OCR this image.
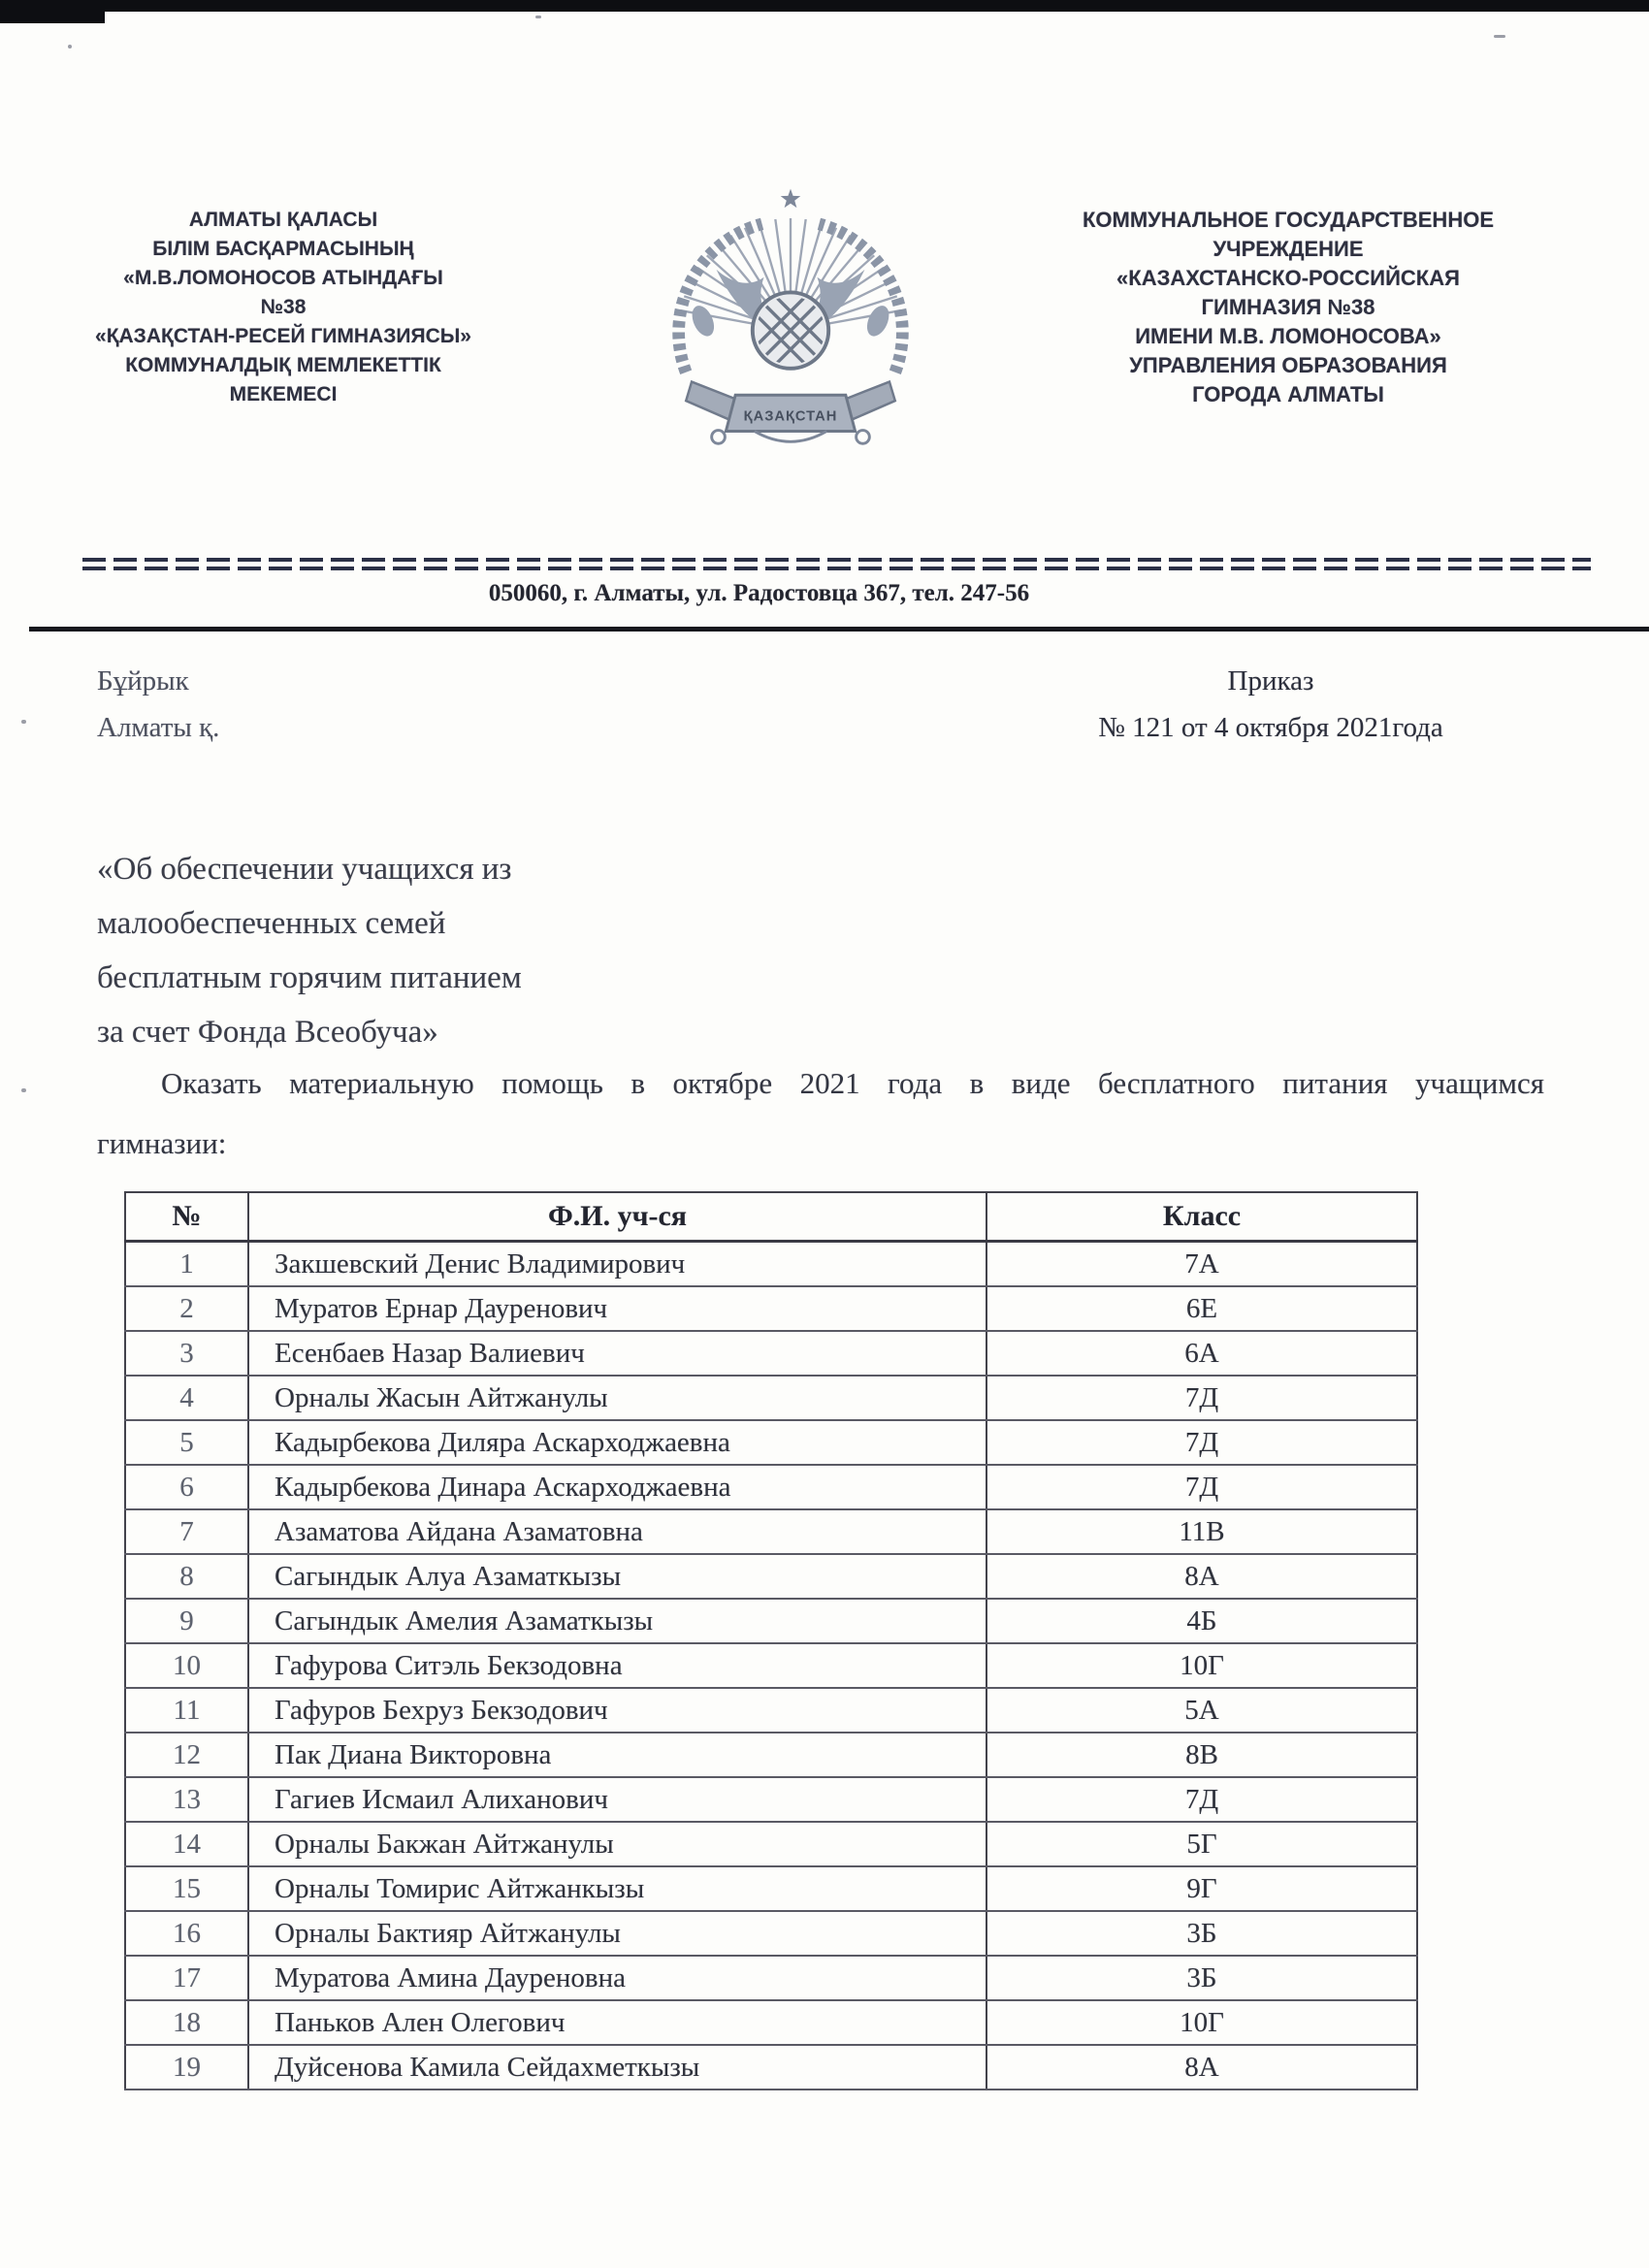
АЛМАТЫ ҚАЛАСЫ
БІЛІМ БАСҚАРМАСЫНЫҢ
«М.В.ЛОМОНОСОВ АТЫНДАҒЫ
№38
«ҚАЗАҚСТАН-РЕСЕЙ ГИМНАЗИЯСЫ»
КОММУНАЛДЫҚ МЕМЛЕКЕТТІК
МЕКЕМЕСІ
ҚАЗАҚСТАН
КОММУНАЛЬНОЕ ГОСУДАРСТВЕННОЕ
УЧРЕЖДЕНИЕ
«КАЗАХСТАНСКО-РОССИЙСКАЯ
ГИМНАЗИЯ №38
ИМЕНИ М.В. ЛОМОНОСОВА»
УПРАВЛЕНИЯ ОБРАЗОВАНИЯ
ГОРОДА АЛМАТЫ
050060, г. Алматы, ул. Радостовца 367, тел. 247-56
Бұйрык
Алматы қ.
Приказ
№ 121 от 4 октября 2021года
«Об обеспечении учащихся из
малообеспеченных семей
бесплатным горячим питанием
за счет Фонда Всеобуча»
Оказать материальную помощь в октябре 2021 года в виде бесплатного питания учащимся гимназии:
№	Ф.И. уч-ся	Класс
1	Закшевский Денис Владимирович	7А
2	Муратов Ернар Дауренович	6Е
3	Есенбаев Назар Валиевич	6А
4	Орналы Жасын Айтжанулы	7Д
5	Кадырбекова Диляра Аскарходжаевна	7Д
6	Кадырбекова Динара Аскарходжаевна	7Д
7	Азаматова Айдана Азаматовна	11В
8	Сагындык Алуа Азаматкызы	8А
9	Сагындык Амелия Азаматкызы	4Б
10	Гафурова Ситэль Бекзодовна	10Г
11	Гафуров Бехруз Бекзодович	5А
12	Пак Диана Викторовна	8В
13	Гагиев Исмаил Алиханович	7Д
14	Орналы Бакжан Айтжанулы	5Г
15	Орналы Томирис Айтжанкызы	9Г
16	Орналы Бактияр Айтжанулы	3Б
17	Муратова Амина Дауреновна	3Б
18	Паньков Ален Олегович	10Г
19	Дуйсенова Камила Сейдахметкызы	8А
